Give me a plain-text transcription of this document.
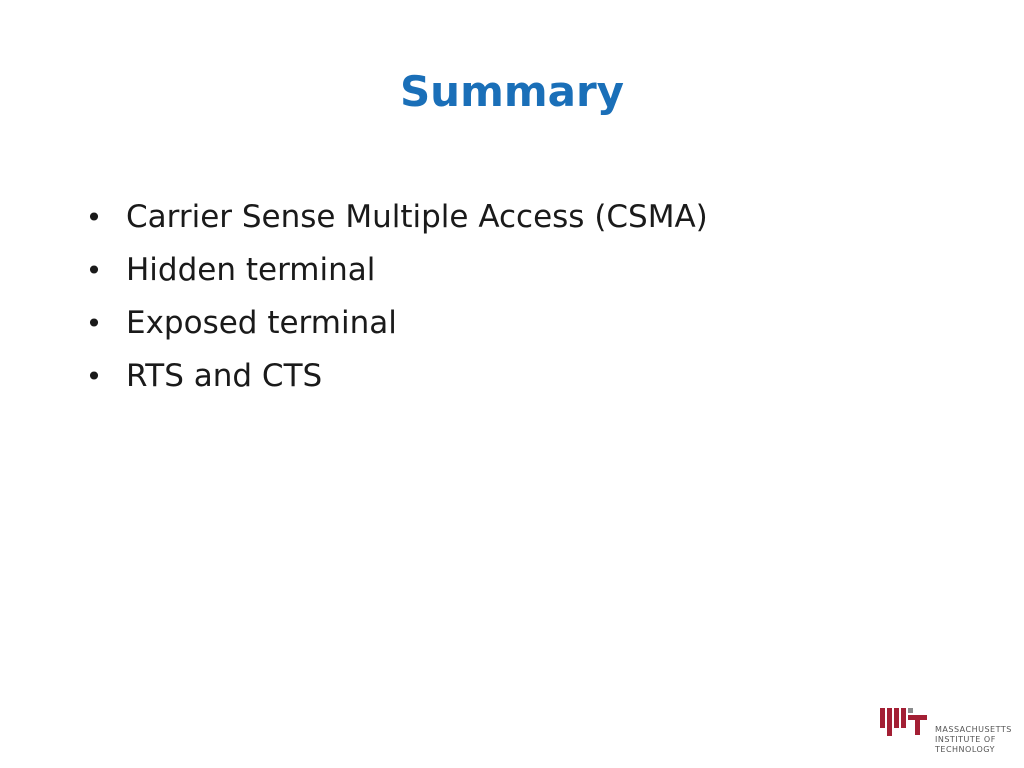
Summary
• Carrier Sense Multiple Access (CSMA)
• Hidden terminal
• Exposed terminal
• RTS and CTS
MASSACHUSETTS
INSTITUTE OF
TECHNOLOGY
